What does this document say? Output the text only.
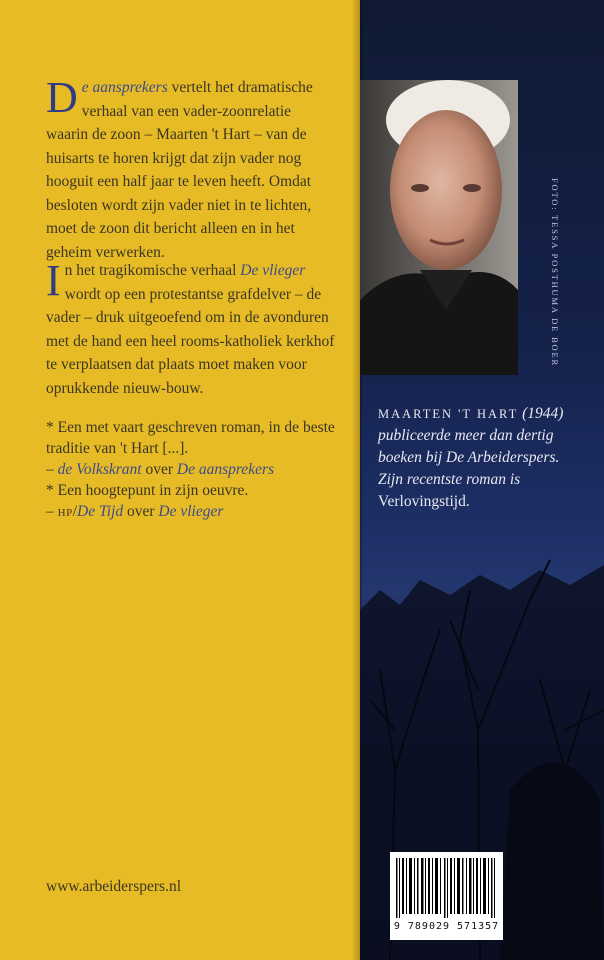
De aansprekers vertelt het dramatische verhaal van een vader-zoonrelatie waarin de zoon – Maarten 't Hart – van de huisarts te horen krijgt dat zijn vader nog hooguit een half jaar te leven heeft. Omdat besloten wordt zijn vader niet in te lichten, moet de zoon dit bericht alleen en in het geheim verwerken.
In het tragikomische verhaal De vlieger wordt op een protestantse grafdelver – de vader – druk uitgeoefend om in de avonduren met de hand een heel rooms-katholiek kerkhof te verplaatsen dat plaats moet maken voor oprukkende nieuw-bouw.
* Een met vaart geschreven roman, in de beste traditie van 't Hart [...].
– de Volkskrant over De aansprekers
* Een hoogtepunt in zijn oeuvre.
– hp/De Tijd over De vlieger
www.arbeiderspers.nl
FOTO: TESSA POSTHUMA DE BOER
MAARTEN 'T HART (1944) publiceerde meer dan dertig boeken bij De Arbeiderspers. Zijn recentste roman is Verlovingstijd.
9 789029 571357
